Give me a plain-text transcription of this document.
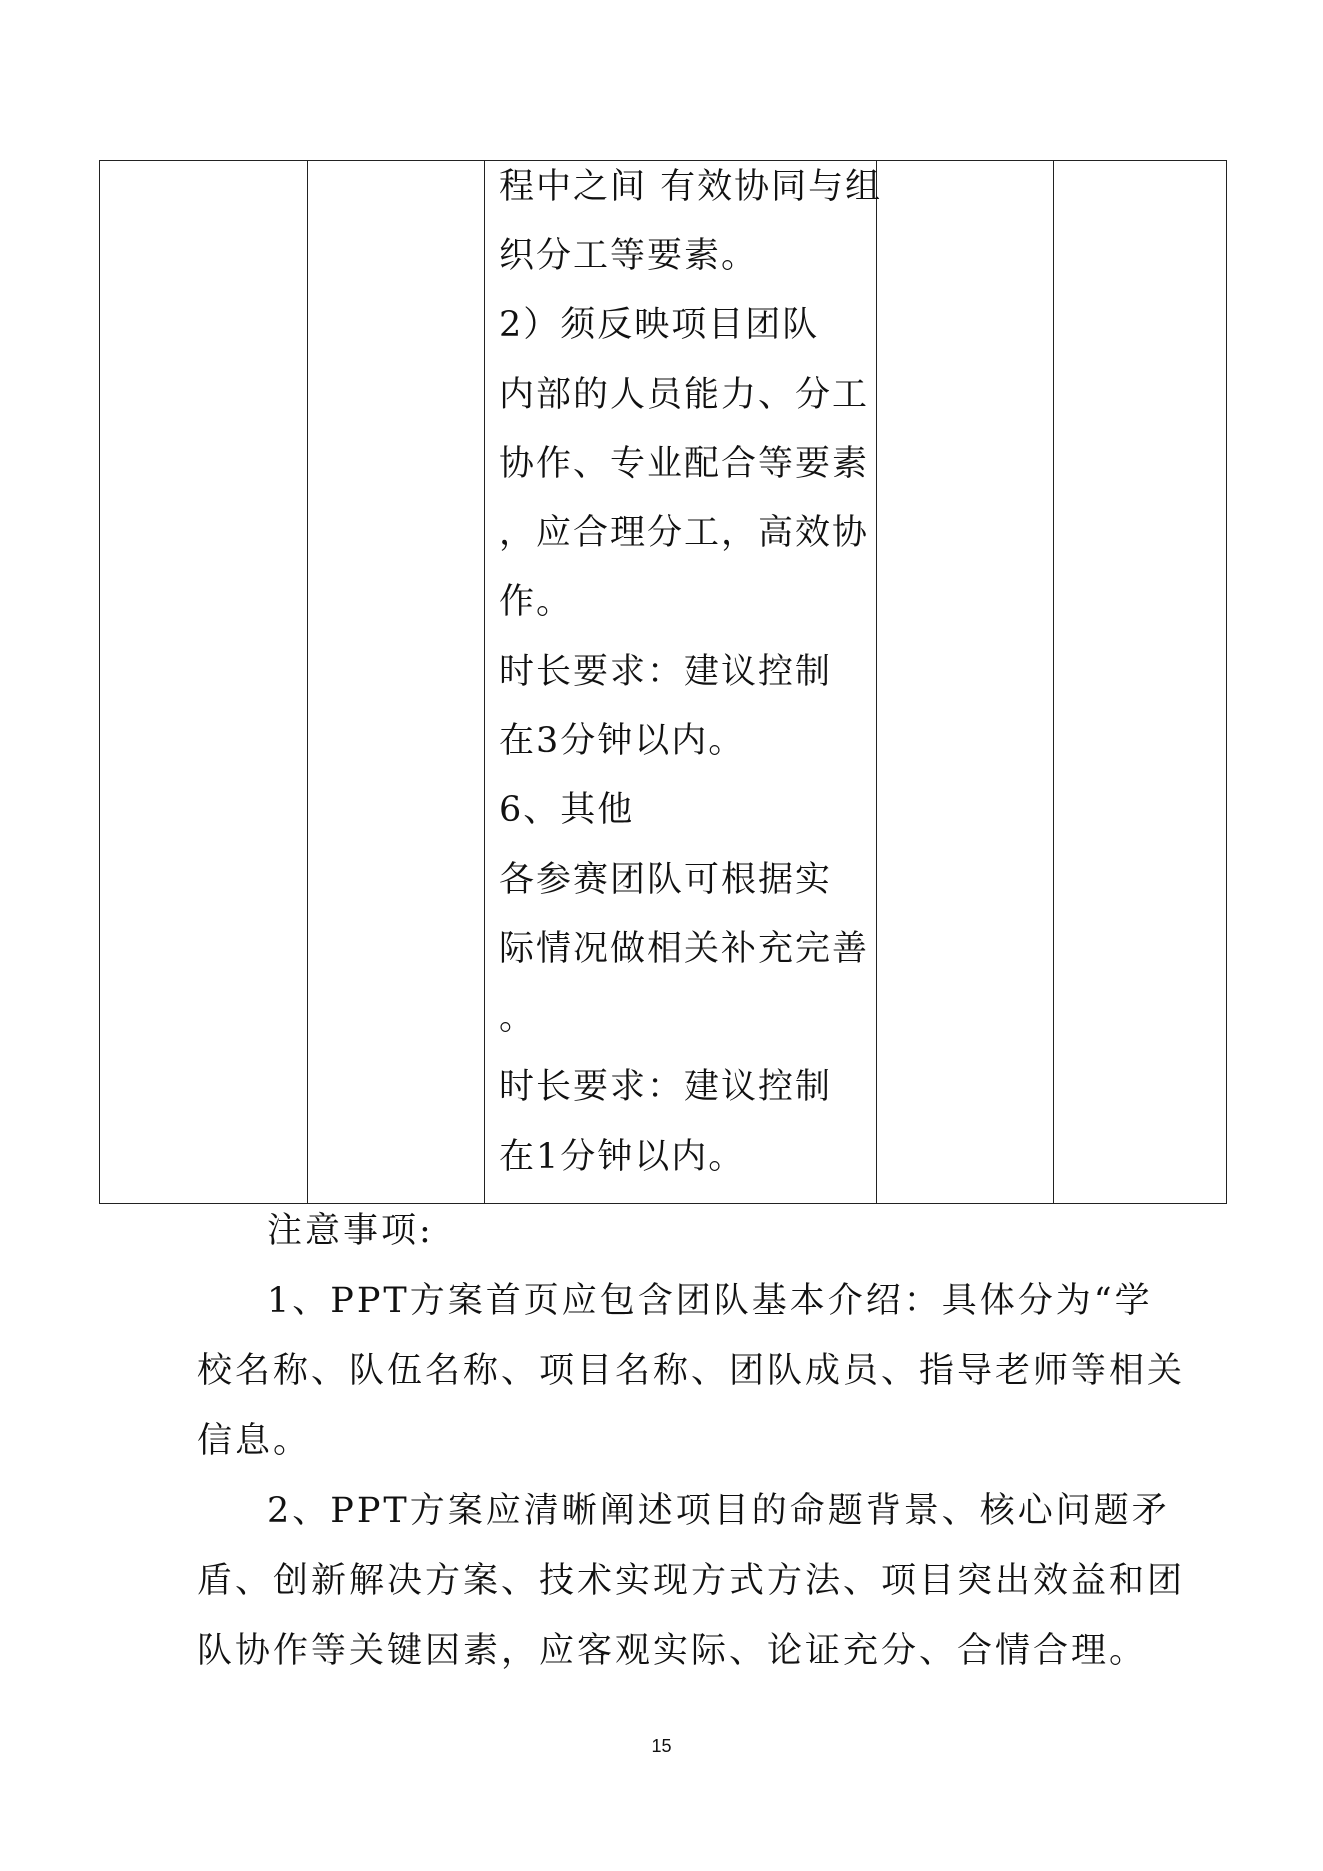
程中之间 有效协同与组
织分工等要素。
2）须反映项目团队
内部的人员能力、分工
协作、专业配合等要素
，应合理分工，高效协
作。
时长要求：建议控制
在3分钟以内。
6、其他
各参赛团队可根据实
际情况做相关补充完善
。
时长要求：建议控制
在1分钟以内。
注意事项:
1、PPT方案首页应包含团队基本介绍：具体分为“学
校名称、队伍名称、项目名称、团队成员、指导老师等相关
信息。
2、PPT方案应清晰阐述项目的命题背景、核心问题矛
盾、创新解决方案、技术实现方式方法、项目突出效益和团
队协作等关键因素，应客观实际、论证充分、合情合理。
15
